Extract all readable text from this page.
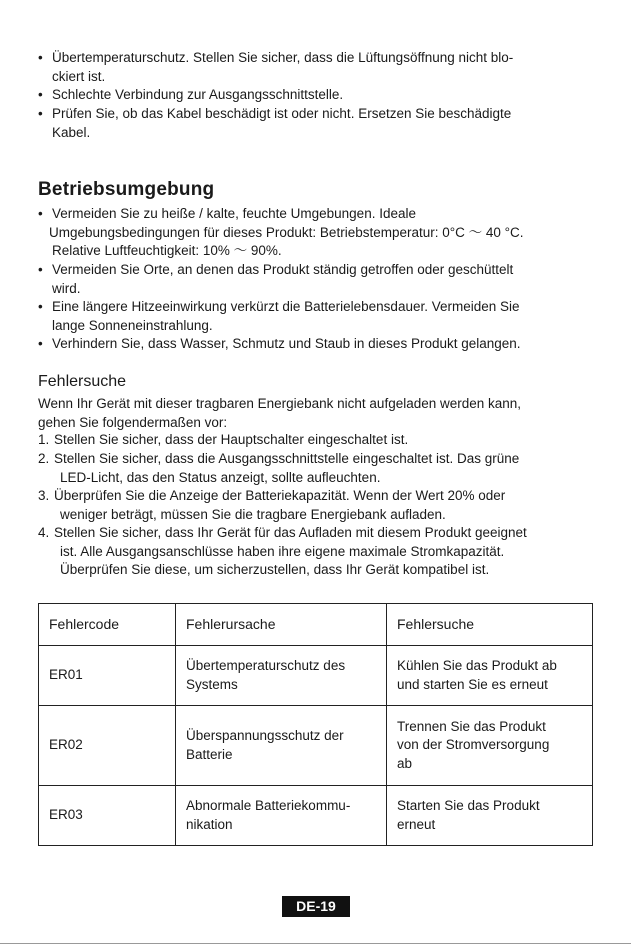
• Übertemperaturschutz. Stellen Sie sicher, dass die Lüftungsöffnung nicht blo-
ckiert ist.
• Schlechte Verbindung zur Ausgangsschnittstelle.
• Prüfen Sie, ob das Kabel beschädigt ist oder nicht. Ersetzen Sie beschädigte
Kabel.
Betriebsumgebung
• Vermeiden Sie zu heiße / kalte, feuchte Umgebungen. Ideale
Umgebungsbedingungen für dieses Produkt: Betriebstemperatur: 0°C ～ 40 °C.
Relative Luftfeuchtigkeit: 10% ～ 90%.
• Vermeiden Sie Orte, an denen das Produkt ständig getroffen oder geschüttelt
wird.
• Eine längere Hitzeeinwirkung verkürzt die Batterielebensdauer. Vermeiden Sie
lange Sonneneinstrahlung.
• Verhindern Sie, dass Wasser, Schmutz und Staub in dieses Produkt gelangen.
Fehlersuche
Wenn Ihr Gerät mit dieser tragbaren Energiebank nicht aufgeladen werden kann,
gehen Sie folgendermaßen vor:
1. Stellen Sie sicher, dass der Hauptschalter eingeschaltet ist.
2. Stellen Sie sicher, dass die Ausgangsschnittstelle eingeschaltet ist. Das grüne
LED-Licht, das den Status anzeigt, sollte aufleuchten.
3. Überprüfen Sie die Anzeige der Batteriekapazität. Wenn der Wert 20% oder
weniger beträgt, müssen Sie die tragbare Energiebank aufladen.
4. Stellen Sie sicher, dass Ihr Gerät für das Aufladen mit diesem Produkt geeignet
ist. Alle Ausgangsanschlüsse haben ihre eigene maximale Stromkapazität.
Überprüfen Sie diese, um sicherzustellen, dass Ihr Gerät kompatibel ist.
Fehlercode	Fehlerursache	Fehlersuche
ER01	Übertemperaturschutz des
Systems	Kühlen Sie das Produkt ab
und starten Sie es erneut
ER02	Überspannungsschutz der
Batterie	Trennen Sie das Produkt
von der Stromversorgung
ab
ER03	Abnormale Batteriekommu-
nikation	Starten Sie das Produkt
erneut
DE-19
